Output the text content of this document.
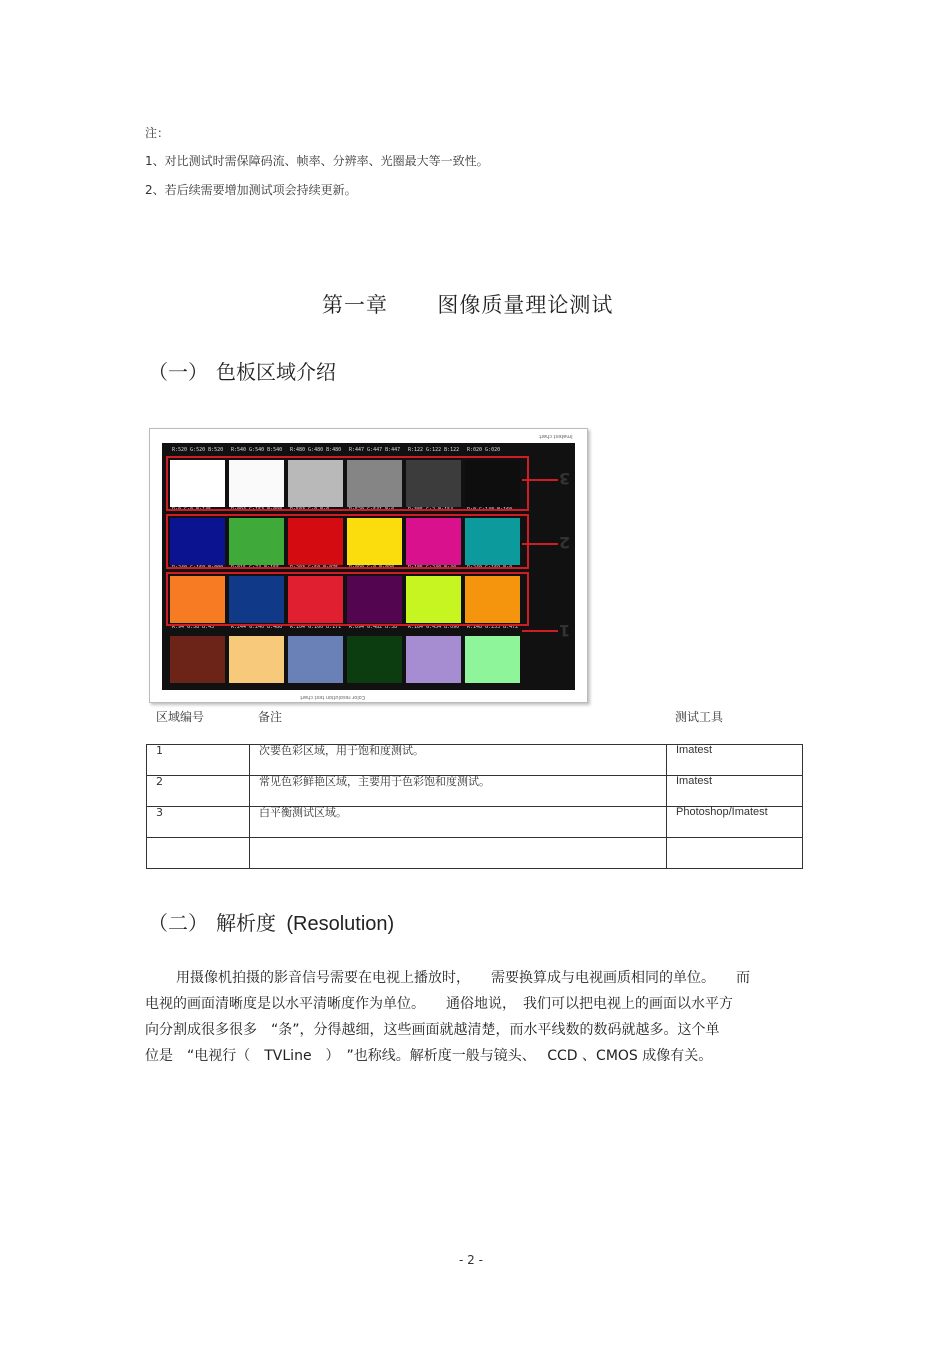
注：
1、对比测试时需保障码流、帧率、分辨率、光圈最大等一致性。
2、若后续需要增加测试项会持续更新。
第一章 图像质量理论测试
（一） 色板区域介绍
Imatest chart
R:520 G:520 B:520 R:540 G:540 B:540 R:480 G:480 B:480 R:447 G:447 B:447 R:122 G:122 B:122 R:020 G:020
R:0 G:0 B:145	R:094 G:153 B:098 R:503 G:0 B:0	R:520 G:541 B:0	R:385 G:2 B:154	R:0 G:148 B:160
R:240 G:160 B:000 R:015 G:74 B:155 R:203 G:50 B:075 R:090 G:0 B:090	R:185 G:240 B:40 R:240 G:169 B:0
R:94 G:58 B:43	R:244 G:240 B:480 R:104 G:160 B:171 R:094 G:482 B:38 R:184 G:434 B:090 R:148 G:253 B:472
Color resolution test chart
3
2
1
区域编号	备注	测试工具
1	次要色彩区域，用于饱和度测试。	Imatest
2	常见色彩鲜艳区域，主要用于色彩饱和度测试。	Imatest
3	白平衡测试区域。	Photoshop/Imatest

（二） 解析度 (Resolution)
用摄像机拍摄的影音信号需要在电视上播放时，　　需要换算成与电视画质相同的单位。　　而
电视的画面清晰度是以水平清晰度作为单位。　　通俗地说，　我们可以把电视上的画面以水平方
向分割成很多很多　“条”，分得越细，这些画面就越清楚，而水平线数的数码就越多。这个单
位是　“电视行（　TVLine　）　”也称线。解析度一般与镜头、　 CCD 、CMOS 成像有关。
- 2 -
